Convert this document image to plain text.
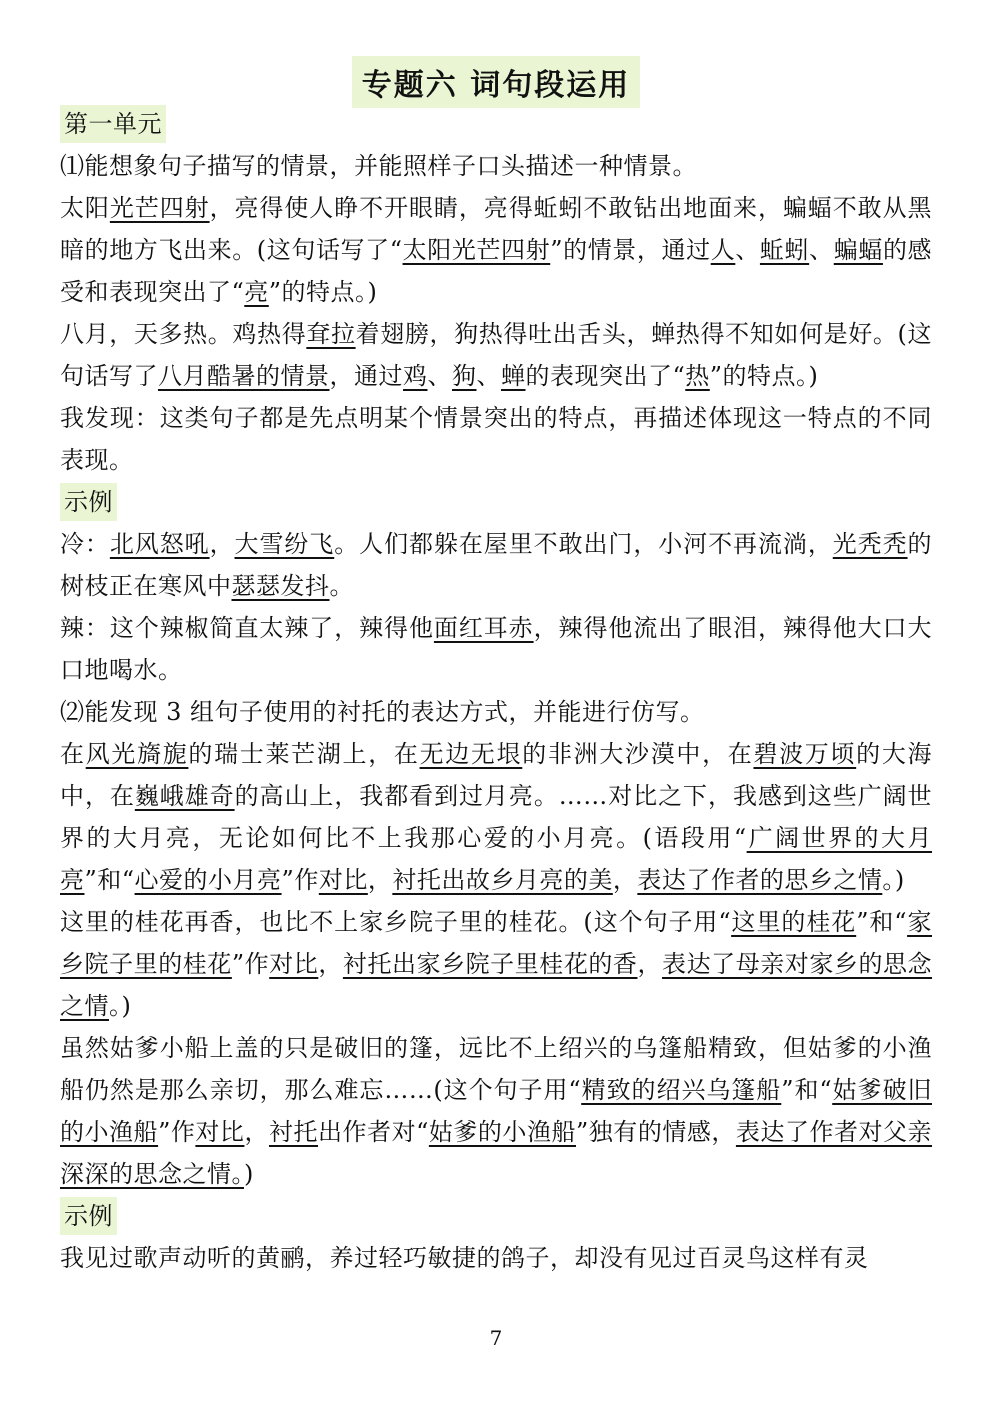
专题六 词句段运用

第一单元

⑴能想象句子描写的情景，并能照样子口头描述一种情景。

太阳光芒四射，亮得使人睁不开眼睛，亮得蚯蚓不敢钻出地面来，蝙蝠不敢从黑暗的地方飞出来。(这句话写了“太阳光芒四射”的情景，通过人、蚯蚓、蝙蝠的感受和表现突出了“亮”的特点。)

八月，天多热。鸡热得耷拉着翅膀，狗热得吐出舌头，蝉热得不知如何是好。(这句话写了八月酷暑的情景，通过鸡、狗、蝉的表现突出了“热”的特点。)

我发现：这类句子都是先点明某个情景突出的特点，再描述体现这一特点的不同表现。

示例

冷：北风怒吼，大雪纷飞。人们都躲在屋里不敢出门，小河不再流淌，光秃秃的树枝正在寒风中瑟瑟发抖。

辣：这个辣椒简直太辣了，辣得他面红耳赤，辣得他流出了眼泪，辣得他大口大口地喝水。

⑵能发现 3 组句子使用的衬托的表达方式，并能进行仿写。

在风光旖旎的瑞士莱芒湖上，在无边无垠的非洲大沙漠中，在碧波万顷的大海中，在巍峨雄奇的高山上，我都看到过月亮。……对比之下，我感到这些广阔世界的大月亮，无论如何比不上我那心爱的小月亮。(语段用“广阔世界的大月亮”和“心爱的小月亮”作对比，衬托出故乡月亮的美，表达了作者的思乡之情。)

这里的桂花再香，也比不上家乡院子里的桂花。(这个句子用“这里的桂花”和“家乡院子里的桂花”作对比，衬托出家乡院子里桂花的香，表达了母亲对家乡的思念之情。)

虽然姑爹小船上盖的只是破旧的篷，远比不上绍兴的乌篷船精致，但姑爹的小渔船仍然是那么亲切，那么难忘……(这个句子用“精致的绍兴乌篷船”和“姑爹破旧的小渔船”作对比，衬托出作者对“姑爹的小渔船”独有的情感，表达了作者对父亲深深的思念之情。)

示例

我见过歌声动听的黄鹂，养过轻巧敏捷的鸽子，却没有见过百灵鸟这样有灵

7
